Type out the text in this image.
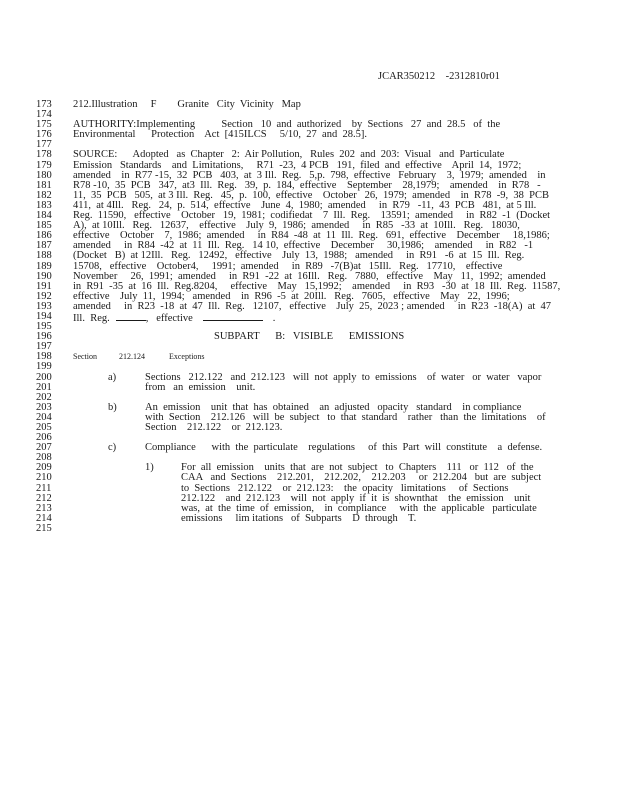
JCAR350212    -2312810r01
173	212.Illustration     F        Granite   City  Vicinity   Map
174
175	AUTHORITY:Implementing          Section   10  and  authorized    by  Sections   27  and  28.5   of  the
176	Environmental      Protection    Act  [415ILCS     5/10,  27  and  28.5].
177
178	SOURCE:      Adopted   as  Chapter   2:  Air Pollution,   Rules  202  and  203:  Visual   and  Particulate
179	Emission   Standards    and  Limitations,     R71  -23,  4 PCB   191,  filed  and  effective    April  14,  1972;
180	amended    in  R77 -15,  32  PCB   403,  at  3 Ill.  Reg.   5,p.  798,  effective   February    3,  1979;  amended    in
181	R78 -10,  35  PCB   347,  at3  Ill.  Reg.   39,  p.  184,  effective    September    28,1979;    amended    in  R78   -
182	11,  35  PCB   505,  at 3 Ill.  Reg.   45,  p.  100,  effective    October   26,  1979;  amended    in  R78  -9,  38  PCB
183	411,  at 4Ill.   Reg.   24,  p.  514,  effective    June  4,  1980;  amended     in  R79   -11,  43  PCB   481,  at 5 Ill.
184	Reg.  11590,   effective    October   19,  1981;  codifiedat    7  Ill.  Reg.    13591;  amended     in  R82  -1  (Docket
185	A),  at 10Ill.   Reg.   12637,    effective    July  9,  1986;  amended     in  R85   -33  at  10Ill.   Reg.   18030,
186	effective    October    7,  1986;  amended     in  R84  -48  at  11  Ill.  Reg.   691,  effective    December     18,1986;
187	amended     in  R84  -42  at  11  Ill.  Reg.   14 10,  effective    December     30,1986;    amended     in  R82   -1
188	(Docket   B)  at 12Ill.   Reg.   12492,   effective    July  13,  1988;   amended     in  R91   -6  at  15  Ill.  Reg.
189	15708,   effective    October4,     1991;  amended     in  R89   -7(B)at   15Ill.   Reg.   17710,    effective
190	November     26,  1991;  amended     in  R91  -22  at  16Ill.   Reg.   7880,   effective    May   11,  1992;  amended
191	in  R91  -35  at  16  Ill.  Reg.8204,     effective    May   15,1992;    amended     in  R93   -30  at  18  Ill.  Reg.  11587,
192	effective    July  11,  1994;   amended    in  R96  -5  at  20Ill.   Reg.   7605,   effective    May   22,  1996;
193	amended     in  R23  -18  at  47  Ill.  Reg.   12107,   effective    July  25,  2023 ; amended     in  R23  -18(A)  at  47
194	Ill.  Reg.	,   effective	.
195
196	SUBPART      B:   VISIBLE      EMISSIONS
197
198	Section           212.124            Exceptions
199
200	a)	Sections   212.122   and  212.123   will  not  apply  to  emissions    of  water   or  water   vapor
201	from   an  emission    unit.
202
203	b)	An  emission    unit  that  has  obtained    an  adjusted   opacity   standard    in compliance
204	with  Section    212.126   will  be  subject   to  that  standard    rather   than  the  limitations    of
205	Section    212.122    or  212.123.
206
207	c)	Compliance      with  the  particulate    regulations     of  this  Part  will  constitute    a  defense.
208
209	1)	For  all  emission    units  that  are  not  subject   to  Chapters    111   or  112   of  the
210	CAA   and  Sections    212.201,    212.202,    212.203     or  212.204   but  are  subject
211	to  Sections   212.122    or  212.123:    the  opacity   limitations     of  Sections
212	212.122    and  212.123    will  not  apply  if  it  is  shownthat    the  emission    unit
213	was,  at  the  time  of  emission,    in  compliance     with  the  applicable   particulate
214	emissions     lim itations   of  Subparts    D  through    T.
215
